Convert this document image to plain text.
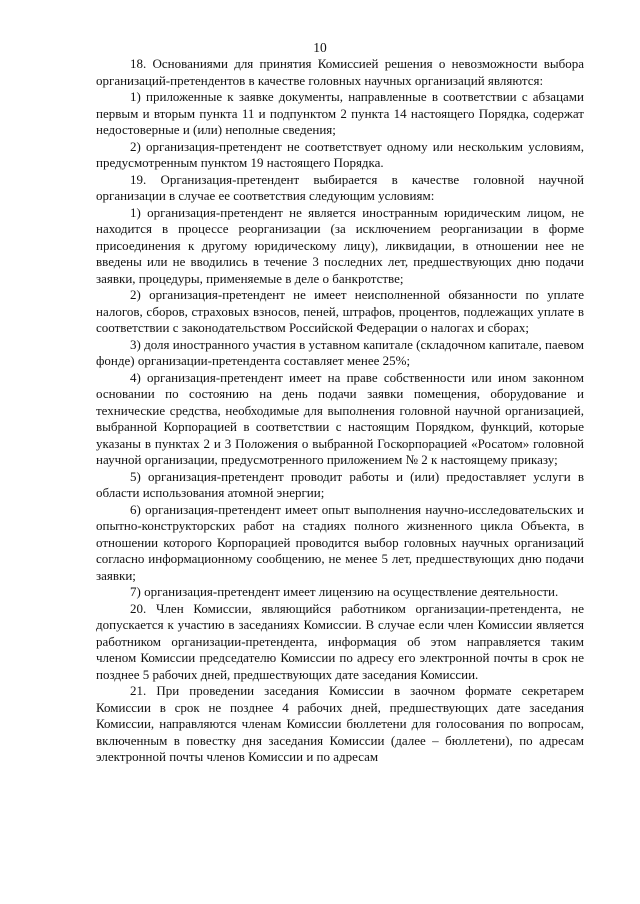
10

18. Основаниями для принятия Комиссией решения о невозможности выбора организаций-претендентов в качестве головных научных организаций являются:

1) приложенные к заявке документы, направленные в соответствии с абзацами первым и вторым пункта 11 и подпунктом 2 пункта 14 настоящего Порядка, содержат недостоверные и (или) неполные сведения;

2) организация-претендент не соответствует одному или нескольким условиям, предусмотренным пунктом 19 настоящего Порядка.

19. Организация-претендент выбирается в качестве головной научной организации в случае ее соответствия следующим условиям:

1) организация-претендент не является иностранным юридическим лицом, не находится в процессе реорганизации (за исключением реорганизации в форме присоединения к другому юридическому лицу), ликвидации, в отношении нее не введены или не вводились в течение 3 последних лет, предшествующих дню подачи заявки, процедуры, применяемые в деле о банкротстве;

2) организация-претендент не имеет неисполненной обязанности по уплате налогов, сборов, страховых взносов, пеней, штрафов, процентов, подлежащих уплате в соответствии с законодательством Российской Федерации о налогах и сборах;

3) доля иностранного участия в уставном капитале (складочном капитале, паевом фонде) организации-претендента составляет менее 25%;

4) организация-претендент имеет на праве собственности или ином законном основании по состоянию на день подачи заявки помещения, оборудование и технические средства, необходимые для выполнения головной научной организацией, выбранной Корпорацией в соответствии с настоящим Порядком, функций, которые указаны в пунктах 2 и 3 Положения о выбранной Госкорпорацией «Росатом» головной научной организации, предусмотренного приложением № 2 к настоящему приказу;

5) организация-претендент проводит работы и (или) предоставляет услуги в области использования атомной энергии;

6) организация-претендент имеет опыт выполнения научно-исследовательских и опытно-конструкторских работ на стадиях полного жизненного цикла Объекта, в отношении которого Корпорацией проводится выбор головных научных организаций согласно информационному сообщению, не менее 5 лет, предшествующих дню подачи заявки;

7) организация-претендент имеет лицензию на осуществление деятельности.

20. Член Комиссии, являющийся работником организации-претендента, не допускается к участию в заседаниях Комиссии. В случае если член Комиссии является работником организации-претендента, информация об этом направляется таким членом Комиссии председателю Комиссии по адресу его электронной почты в срок не позднее 5 рабочих дней, предшествующих дате заседания Комиссии.

21. При проведении заседания Комиссии в заочном формате секретарем Комиссии в срок не позднее 4 рабочих дней, предшествующих дате заседания Комиссии, направляются членам Комиссии бюллетени для голосования по вопросам, включенным в повестку дня заседания Комиссии (далее – бюллетени), по адресам электронной почты членов Комиссии и по адресам
